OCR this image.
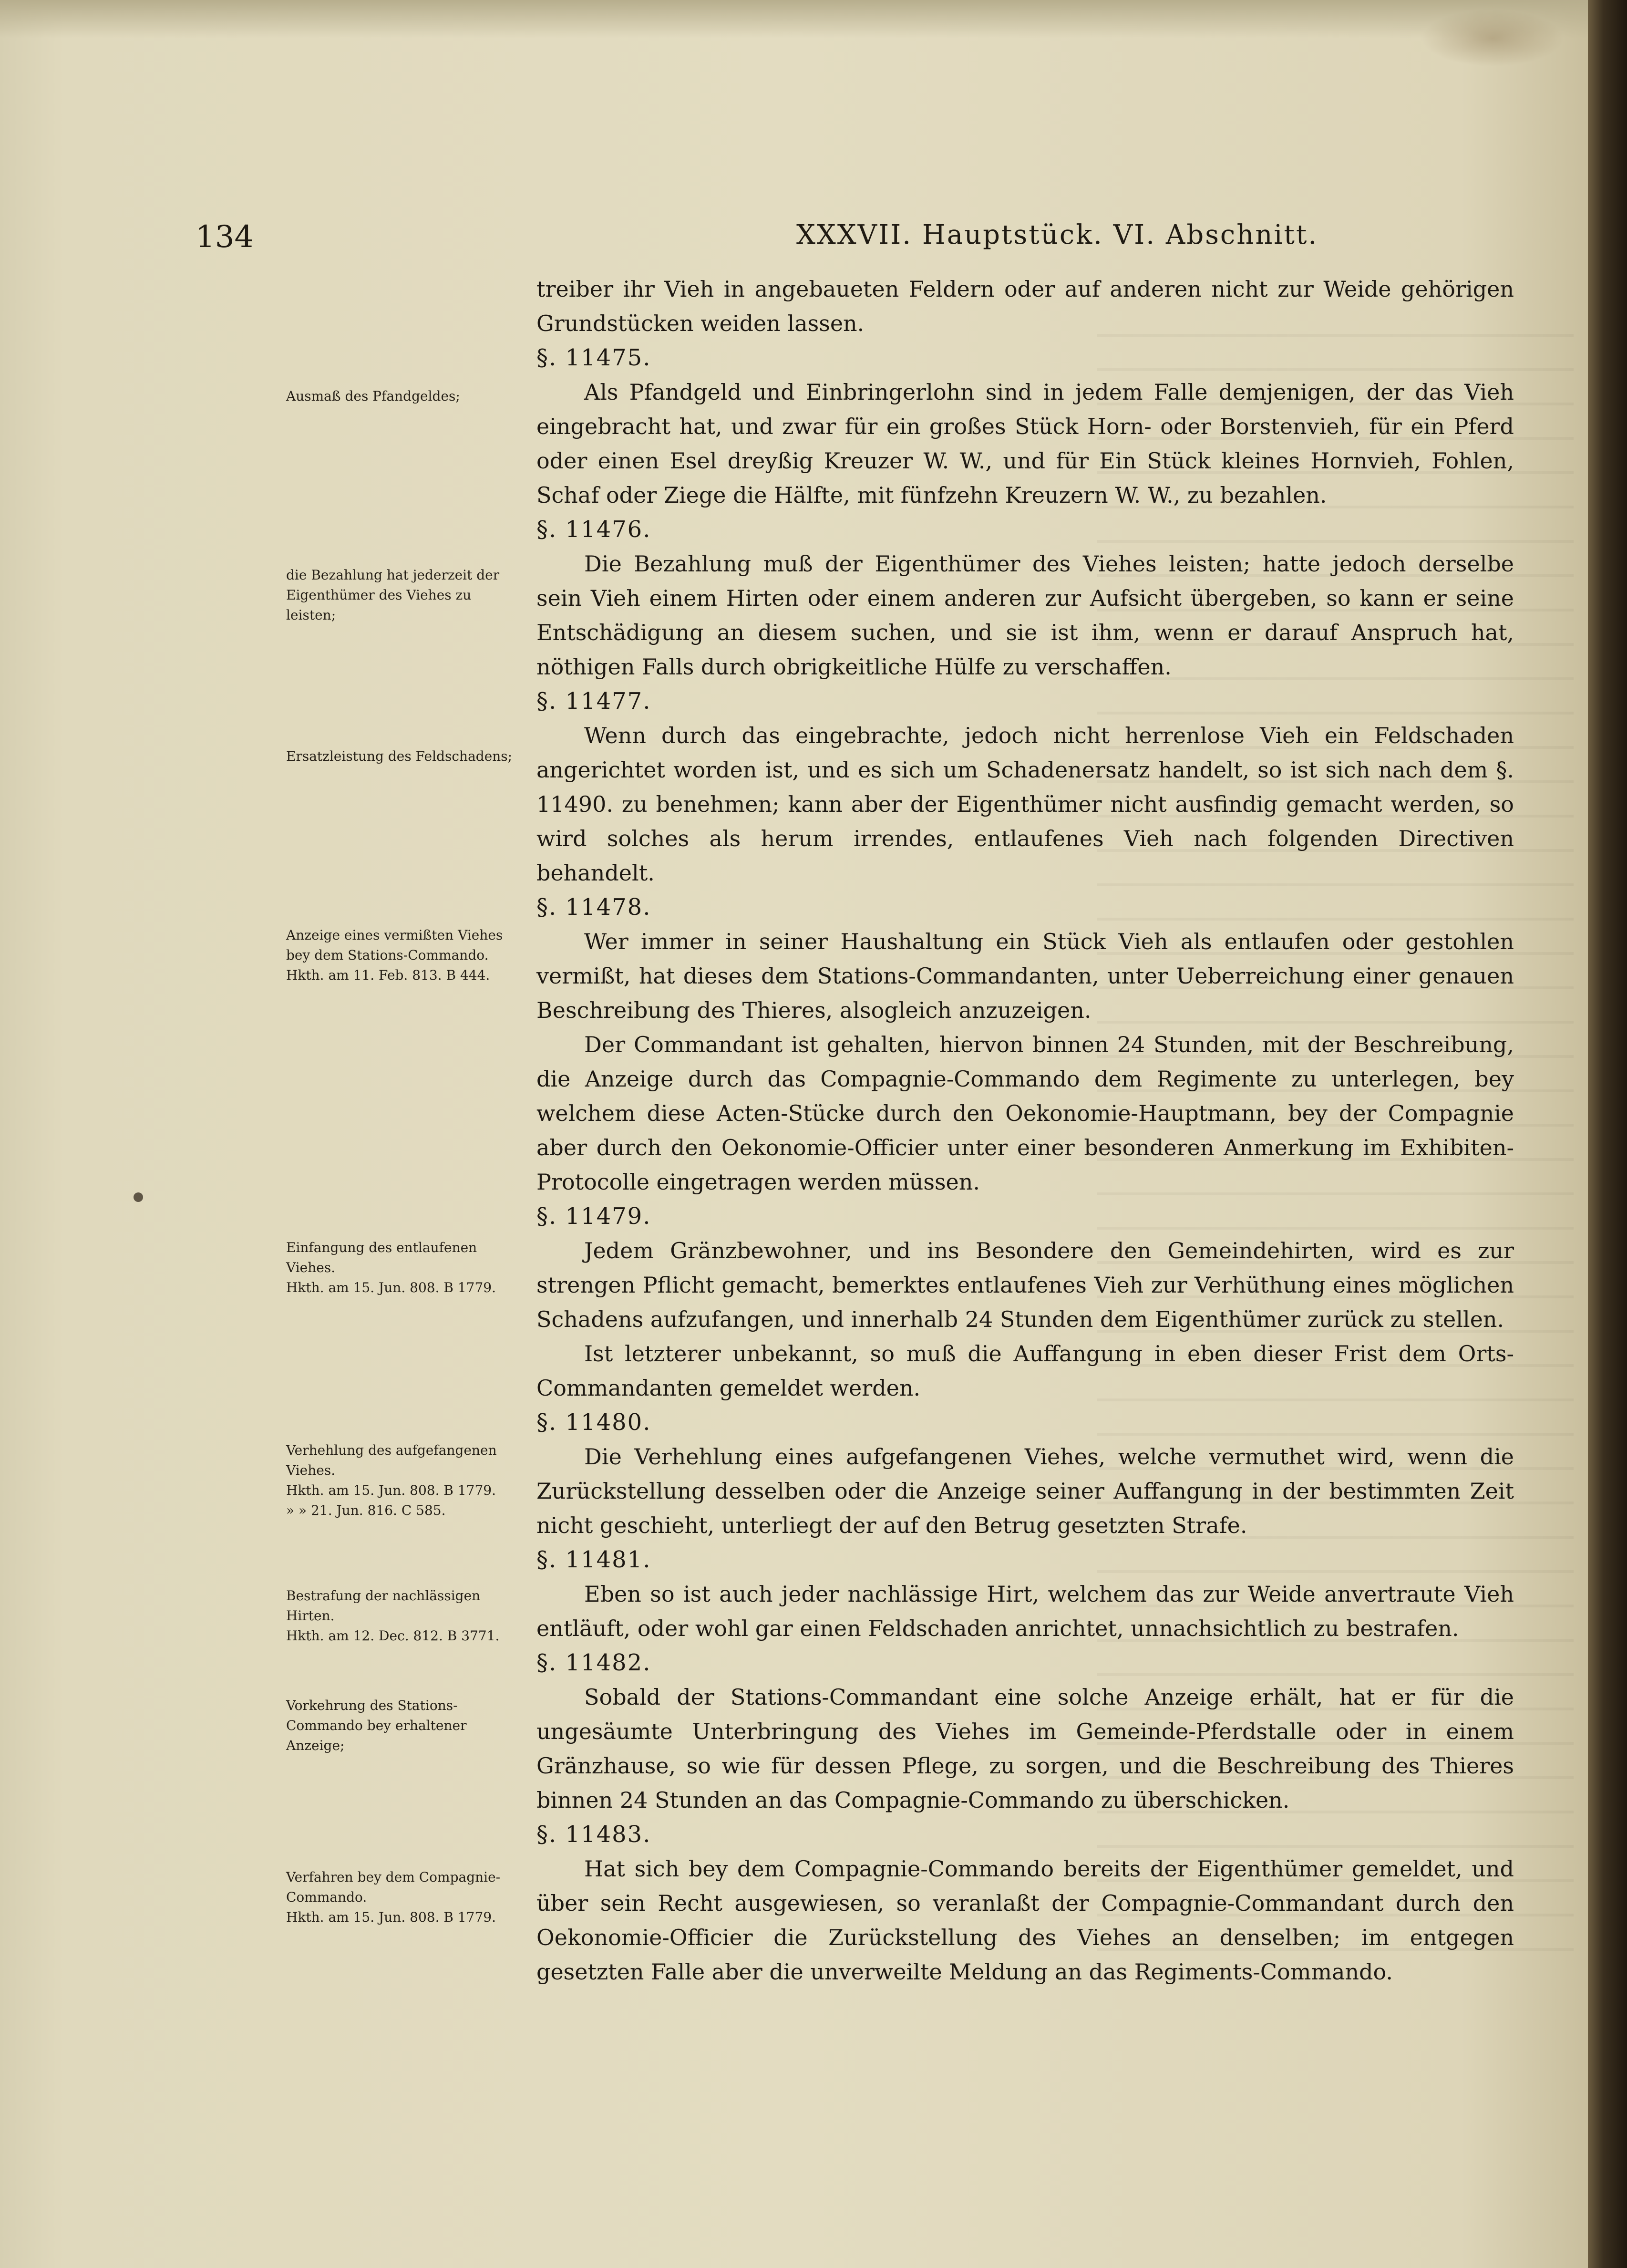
134	XXXVII. Hauptstück. VI. Abschnitt.
Ausmaß des Pfandgeldes;
die Bezahlung hat jederzeit der Eigenthümer des Viehes zu leisten;
Ersatzleistung des Feldschadens;
Anzeige eines vermißten Viehes bey dem Stations-Commando.
Hkth. am 11. Feb. 813. B 444.
Einfangung des entlaufenen Viehes.
Hkth. am 15. Jun. 808. B 1779.
Verhehlung des aufgefangenen Viehes.
Hkth. am 15. Jun. 808. B 1779.
» » 21. Jun. 816. C 585.
Bestrafung der nachlässigen Hirten.
Hkth. am 12. Dec. 812. B 3771.
Vorkehrung des Stations-Commando bey erhaltener Anzeige;
Verfahren bey dem Compagnie-Commando.
Hkth. am 15. Jun. 808. B 1779.

treiber ihr Vieh in angebaueten Feldern oder auf anderen nicht zur Weide gehörigen Grundstücken weiden lassen.

§. 11475.

Als Pfandgeld und Einbringerlohn sind in jedem Falle demjenigen, der das Vieh eingebracht hat, und zwar für ein großes Stück Horn- oder Borstenvieh, für ein Pferd oder einen Esel dreyßig Kreuzer W. W., und für Ein Stück kleines Hornvieh, Fohlen, Schaf oder Ziege die Hälfte, mit fünfzehn Kreuzern W. W., zu bezahlen.

§. 11476.

Die Bezahlung muß der Eigenthümer des Viehes leisten; hatte jedoch derselbe sein Vieh einem Hirten oder einem anderen zur Aufsicht übergeben, so kann er seine Entschädigung an diesem suchen, und sie ist ihm, wenn er darauf Anspruch hat, nöthigen Falls durch obrigkeitliche Hülfe zu verschaffen.

§. 11477.

Wenn durch das eingebrachte, jedoch nicht herrenlose Vieh ein Feldschaden angerichtet worden ist, und es sich um Schadenersatz handelt, so ist sich nach dem §. 11490. zu benehmen; kann aber der Eigenthümer nicht ausfindig gemacht werden, so wird solches als herum irrendes, entlaufenes Vieh nach folgenden Directiven behandelt.

§. 11478.

Wer immer in seiner Haushaltung ein Stück Vieh als entlaufen oder gestohlen vermißt, hat dieses dem Stations-Commandanten, unter Ueberreichung einer genauen Beschreibung des Thieres, alsogleich anzuzeigen.

Der Commandant ist gehalten, hiervon binnen 24 Stunden, mit der Beschreibung, die Anzeige durch das Compagnie-Commando dem Regimente zu unterlegen, bey welchem diese Acten-Stücke durch den Oekonomie-Hauptmann, bey der Compagnie aber durch den Oekonomie-Officier unter einer besonderen Anmerkung im Exhibiten-Protocolle eingetragen werden müssen.

§. 11479.

Jedem Gränzbewohner, und ins Besondere den Gemeindehirten, wird es zur strengen Pflicht gemacht, bemerktes entlaufenes Vieh zur Verhüthung eines möglichen Schadens aufzufangen, und innerhalb 24 Stunden dem Eigenthümer zurück zu stellen.

Ist letzterer unbekannt, so muß die Auffangung in eben dieser Frist dem Orts-Commandanten gemeldet werden.

§. 11480.

Die Verhehlung eines aufgefangenen Viehes, welche vermuthet wird, wenn die Zurückstellung desselben oder die Anzeige seiner Auffangung in der bestimmten Zeit nicht geschieht, unterliegt der auf den Betrug gesetzten Strafe.

§. 11481.

Eben so ist auch jeder nachlässige Hirt, welchem das zur Weide anvertraute Vieh entläuft, oder wohl gar einen Feldschaden anrichtet, unnachsichtlich zu bestrafen.

§. 11482.

Sobald der Stations-Commandant eine solche Anzeige erhält, hat er für die ungesäumte Unterbringung des Viehes im Gemeinde-Pferdstalle oder in einem Gränzhause, so wie für dessen Pflege, zu sorgen, und die Beschreibung des Thieres binnen 24 Stunden an das Compagnie-Commando zu überschicken.

§. 11483.

Hat sich bey dem Compagnie-Commando bereits der Eigenthümer gemeldet, und über sein Recht ausgewiesen, so veranlaßt der Compagnie-Commandant durch den Oekonomie-Officier die Zurückstellung des Viehes an denselben; im entgegen gesetzten Falle aber die unverweilte Meldung an das Regiments-Commando.
